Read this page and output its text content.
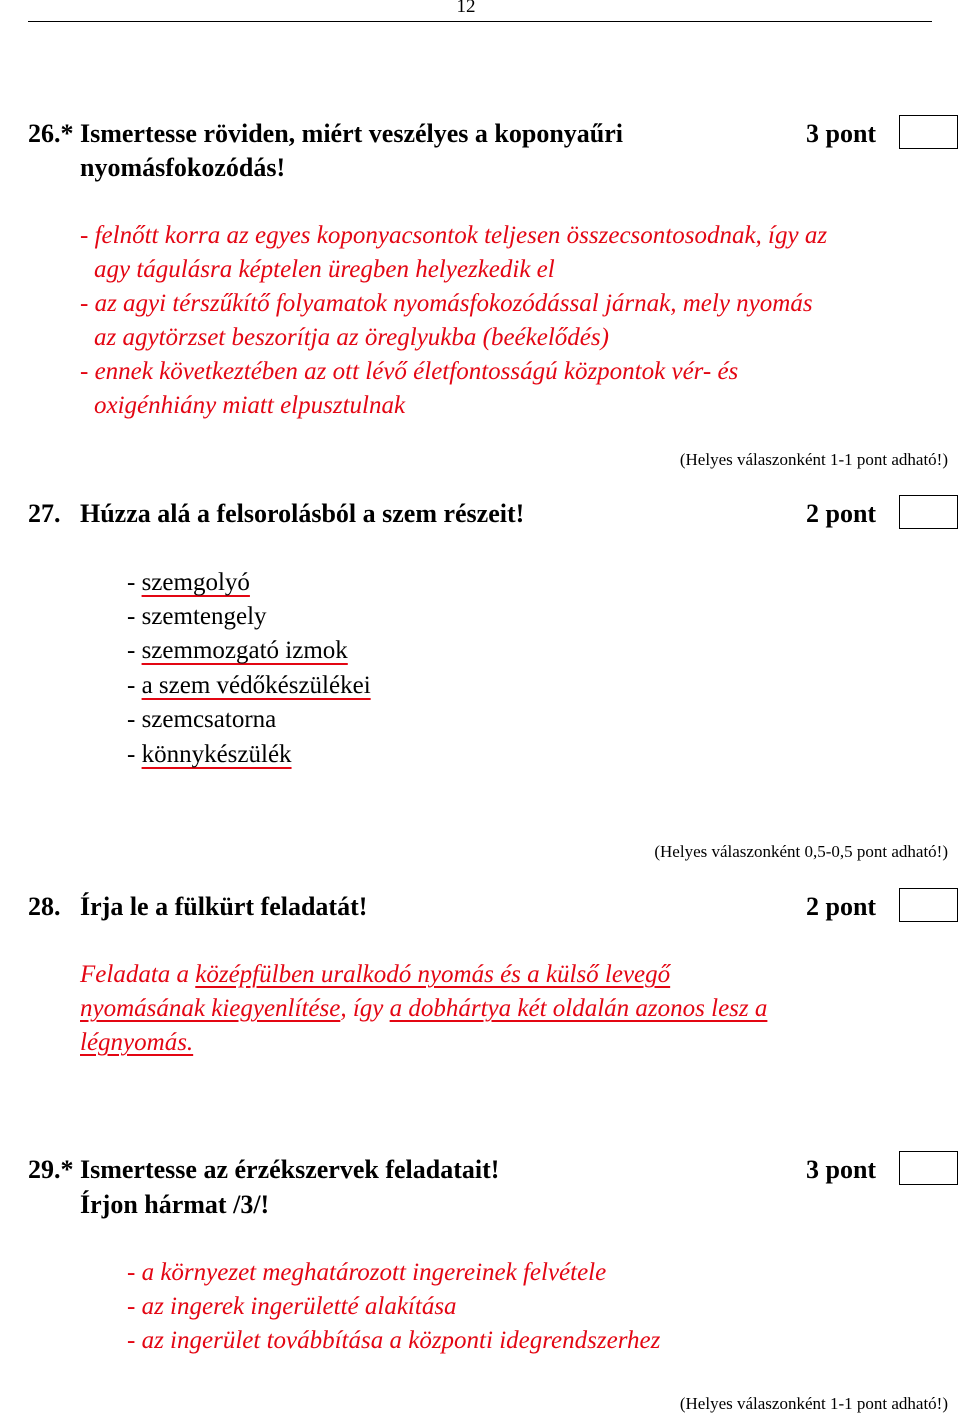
12
26.* Ismertesse röviden, miért veszélyes a koponyaűri
nyomásfokozódás!
3 pont
- felnőtt korra az egyes koponyacsontok teljesen összecsontosodnak, így az
agy tágulásra képtelen üregben helyezkedik el
- az agyi térszűkítő folyamatok nyomásfokozódással járnak, mely nyomás
az agytörzset beszorítja az öreglyukba (beékelődés)
- ennek következtében az ott lévő életfontosságú központok vér- és
oxigénhiány miatt elpusztulnak
(Helyes válaszonként 1-1 pont adható!)
27. Húzza alá a felsorolásból a szem részeit!	2 pont
- szemgolyó
- szemtengely
- szemmozgató izmok
- a szem védőkészülékei
- szemcsatorna
- könnykészülék
(Helyes válaszonként 0,5-0,5 pont adható!)
28. Írja le a fülkürt feladatát!	2 pont
Feladata a középfülben uralkodó nyomás és a külső levegő
nyomásának kiegyenlítése, így a dobhártya két oldalán azonos lesz a
légnyomás.
29.* Ismertesse az érzékszervek feladatait!
Írjon hármat /3/!
3 pont
- a környezet meghatározott ingereinek felvétele
- az ingerek ingerületté alakítása
- az ingerület továbbítása a központi idegrendszerhez
(Helyes válaszonként 1-1 pont adható!)
